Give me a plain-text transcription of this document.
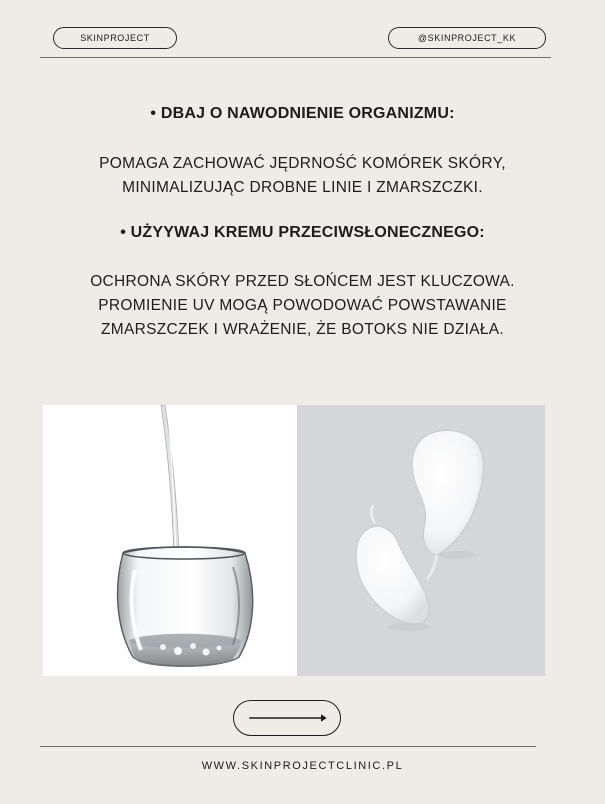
SKINPROJECT	@SKINPROJECT_KK

• DBAJ O NAWODNIENIE ORGANIZMU:

POMAGA ZACHOWAĆ JĘDRNOŚĆ KOMÓREK SKÓRY,
MINIMALIZUJĄC DROBNE LINIE I ZMARSZCZKI.

• UŻYYWAJ KREMU PRZECIWSŁONECZNEGO:

OCHRONA SKÓRY PRZED SŁOŃCEM JEST KLUCZOWA.
PROMIENIE UV MOGĄ POWODOWAĆ POWSTAWANIE
ZMARSZCZEK I WRAŻENIE, ŻE BOTOKS NIE DZIAŁA.
WWW.SKINPROJECTCLINIC.PL
